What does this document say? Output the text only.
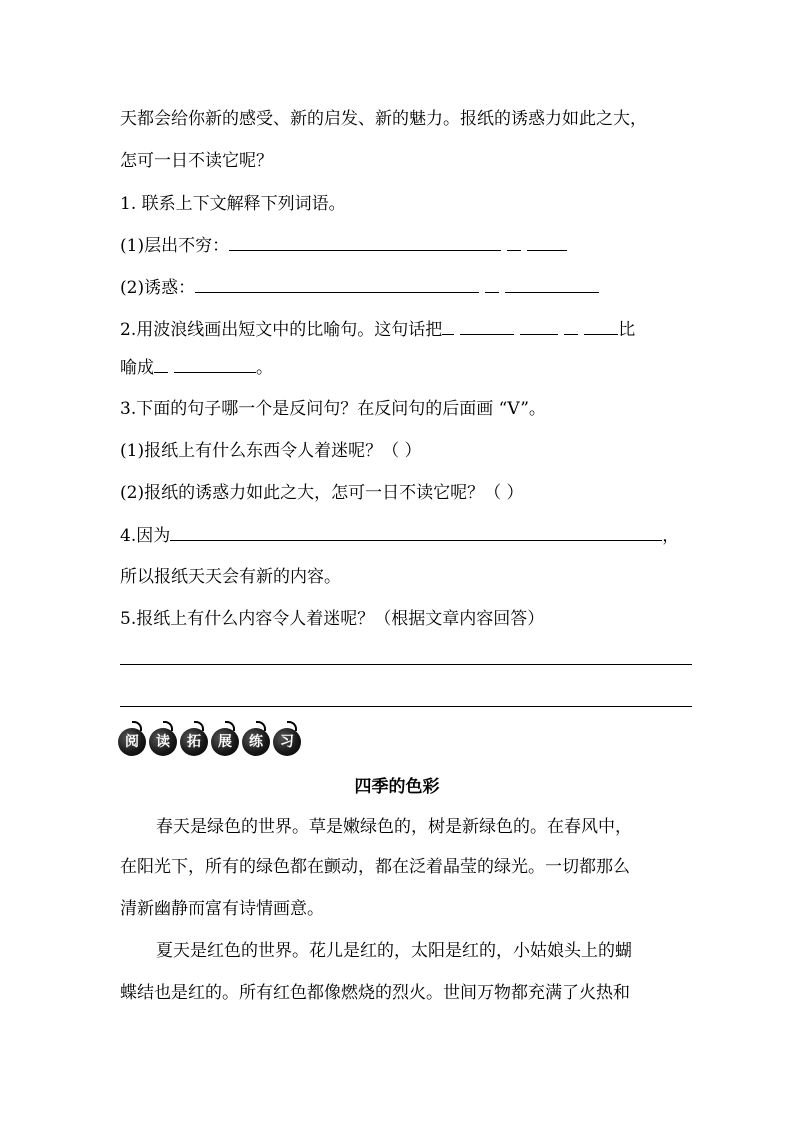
天都会给你新的感受、新的启发、新的魅力。报纸的诱惑力如此之大，
怎可一日不读它呢？
1. 联系上下文解释下列词语。
(1)层出不穷：
(2)诱惑：
2.用波浪线画出短文中的比喻句。这句话把	比
喻成	。
3.下面的句子哪一个是反问句？在反问句的后面画 “V”。
(1)报纸上有什么东西令人着迷呢？（ ）
(2)报纸的诱惑力如此之大，怎可一日不读它呢？（ ）
4.因为	，
所以报纸天天会有新的内容。
5.报纸上有什么内容令人着迷呢？（根据文章内容回答）
阅	读	拓	展	练	习
四季的色彩
春天是绿色的世界。草是嫩绿色的，树是新绿色的。在春风中，
在阳光下，所有的绿色都在颤动，都在泛着晶莹的绿光。一切都那么
清新幽静而富有诗情画意。
夏天是红色的世界。花儿是红的，太阳是红的，小姑娘头上的蝴
蝶结也是红的。所有红色都像燃烧的烈火。世间万物都充满了火热和
